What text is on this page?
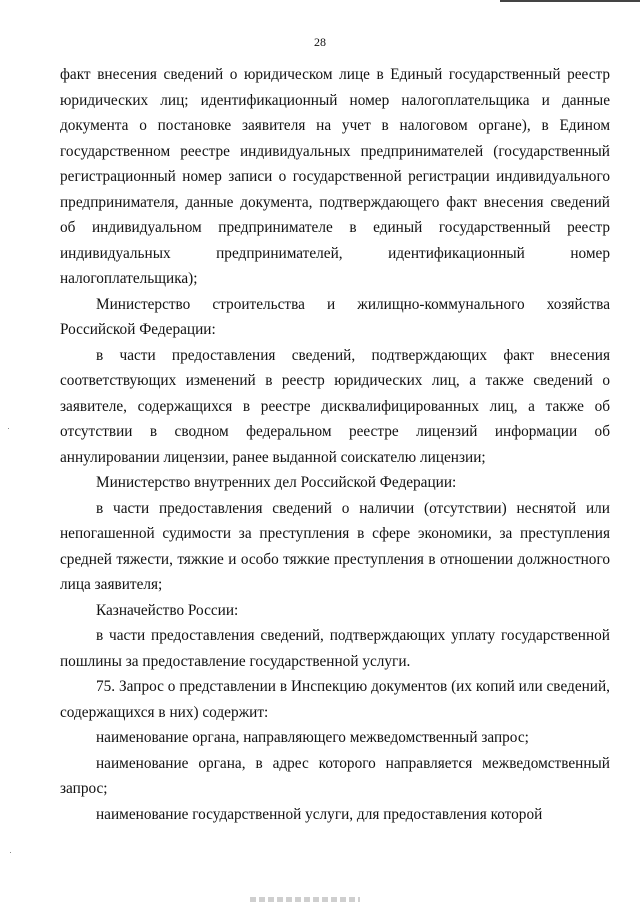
28

факт внесения сведений о юридическом лице в Единый государственный реестр юридических лиц; идентификационный номер налогоплательщика и данные документа о постановке заявителя на учет в налоговом органе), в Едином государственном реестре индивидуальных предпринимателей (государственный регистрационный номер записи о государственной регистрации индивидуального предпринимателя, данные документа, подтверждающего факт внесения сведений об индивидуальном предпринимателе в единый государственный реестр индивидуальных предпринимателей, идентификационный номер налогоплательщика);

Министерство строительства и жилищно-коммунального хозяйства Российской Федерации:

в части предоставления сведений, подтверждающих факт внесения соответствующих изменений в реестр юридических лиц, а также сведений о заявителе, содержащихся в реестре дисквалифицированных лиц, а также об отсутствии в сводном федеральном реестре лицензий информации об аннулировании лицензии, ранее выданной соискателю лицензии;

Министерство внутренних дел Российской Федерации:

в части предоставления сведений о наличии (отсутствии) неснятой или непогашенной судимости за преступления в сфере экономики, за преступления средней тяжести, тяжкие и особо тяжкие преступления в отношении должностного лица заявителя;

Казначейство России:

в части предоставления сведений, подтверждающих уплату государственной пошлины за предоставление государственной услуги.

75. Запрос о представлении в Инспекцию документов (их копий или сведений, содержащихся в них) содержит:

наименование органа, направляющего межведомственный запрос;

наименование органа, в адрес которого направляется межведомственный запрос;

наименование государственной услуги, для предоставления которой
